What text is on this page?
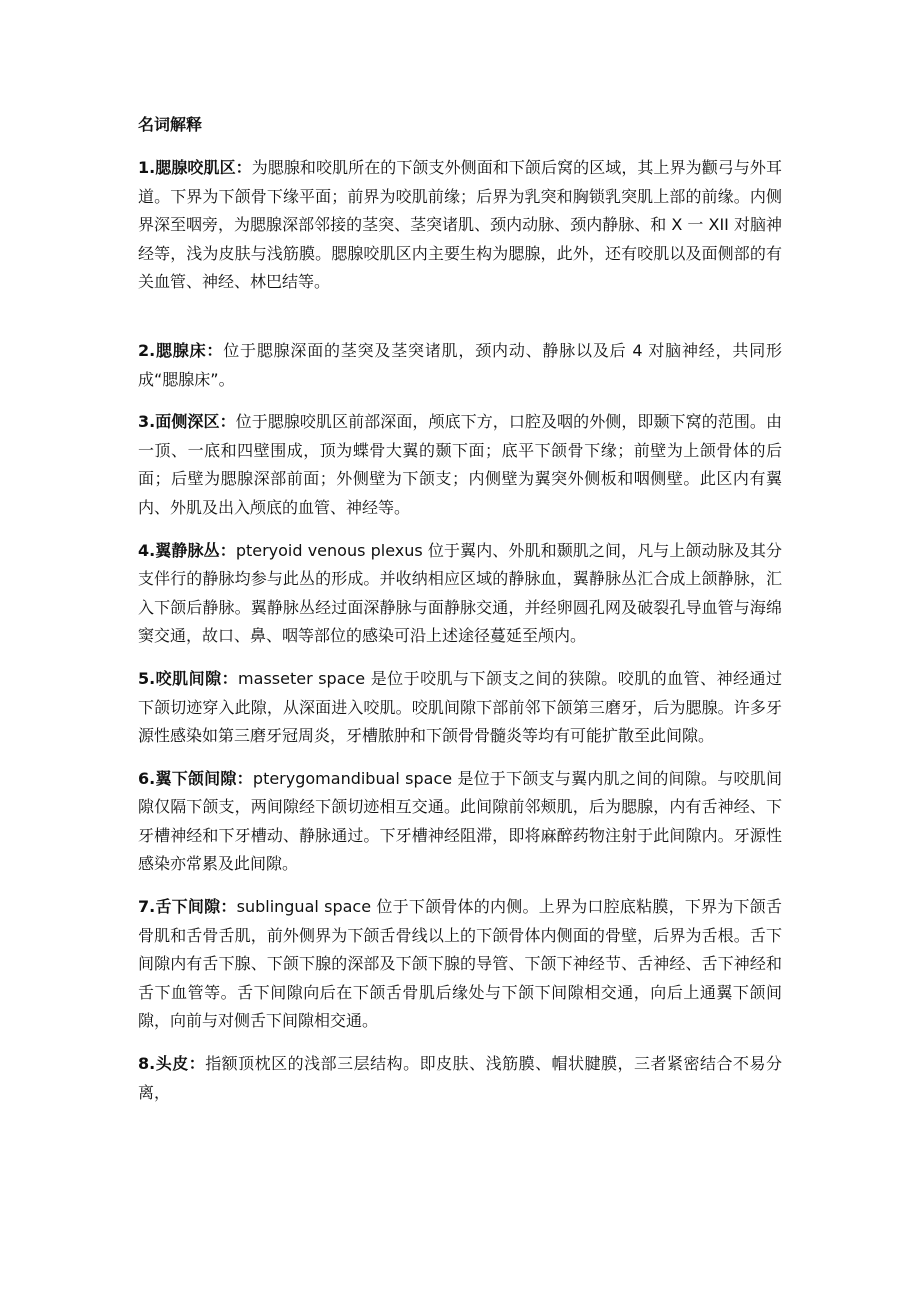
名词解释

1.腮腺咬肌区：为腮腺和咬肌所在的下颌支外侧面和下颌后窝的区域，其上界为颧弓与外耳道。下界为下颌骨下缘平面；前界为咬肌前缘；后界为乳突和胸锁乳突肌上部的前缘。内侧界深至咽旁，为腮腺深部邻接的茎突、茎突诸肌、颈内动脉、颈内静脉、和 X 一 XII 对脑神经等，浅为皮肤与浅筋膜。腮腺咬肌区内主要生构为腮腺，此外，还有咬肌以及面侧部的有关血管、神经、林巴结等。

2.腮腺床：位于腮腺深面的茎突及茎突诸肌，颈内动、静脉以及后 4 对脑神经，共同形成“腮腺床”。

3.面侧深区：位于腮腺咬肌区前部深面，颅底下方，口腔及咽的外侧，即颞下窝的范围。由一顶、一底和四壁围成，顶为蝶骨大翼的颞下面；底平下颌骨下缘；前壁为上颌骨体的后面；后壁为腮腺深部前面；外侧壁为下颌支；内侧壁为翼突外侧板和咽侧壁。此区内有翼内、外肌及出入颅底的血管、神经等。

4.翼静脉丛：pteryoid venous plexus 位于翼内、外肌和颞肌之间，凡与上颌动脉及其分支伴行的静脉均参与此丛的形成。并收纳相应区域的静脉血，翼静脉丛汇合成上颌静脉，汇入下颌后静脉。翼静脉丛经过面深静脉与面静脉交通，并经卵圆孔网及破裂孔导血管与海绵窦交通，故口、鼻、咽等部位的感染可沿上述途径蔓延至颅内。

5.咬肌间隙：masseter space 是位于咬肌与下颌支之间的狭隙。咬肌的血管、神经通过下颌切迹穿入此隙，从深面进入咬肌。咬肌间隙下部前邻下颌第三磨牙，后为腮腺。许多牙源性感染如第三磨牙冠周炎，牙槽脓肿和下颌骨骨髓炎等均有可能扩散至此间隙。

6.翼下颌间隙：pterygomandibual space 是位于下颌支与翼内肌之间的间隙。与咬肌间隙仅隔下颌支，两间隙经下颌切迹相互交通。此间隙前邻颊肌，后为腮腺，内有舌神经、下牙槽神经和下牙槽动、静脉通过。下牙槽神经阻滞，即将麻醉药物注射于此间隙内。牙源性感染亦常累及此间隙。

7.舌下间隙：sublingual space 位于下颌骨体的内侧。上界为口腔底粘膜，下界为下颌舌骨肌和舌骨舌肌，前外侧界为下颌舌骨线以上的下颌骨体内侧面的骨壁，后界为舌根。舌下间隙内有舌下腺、下颌下腺的深部及下颌下腺的导管、下颌下神经节、舌神经、舌下神经和舌下血管等。舌下间隙向后在下颌舌骨肌后缘处与下颌下间隙相交通，向后上通翼下颌间隙，向前与对侧舌下间隙相交通。

8.头皮：指额顶枕区的浅部三层结构。即皮肤、浅筋膜、帽状腱膜，三者紧密结合不易分离，
